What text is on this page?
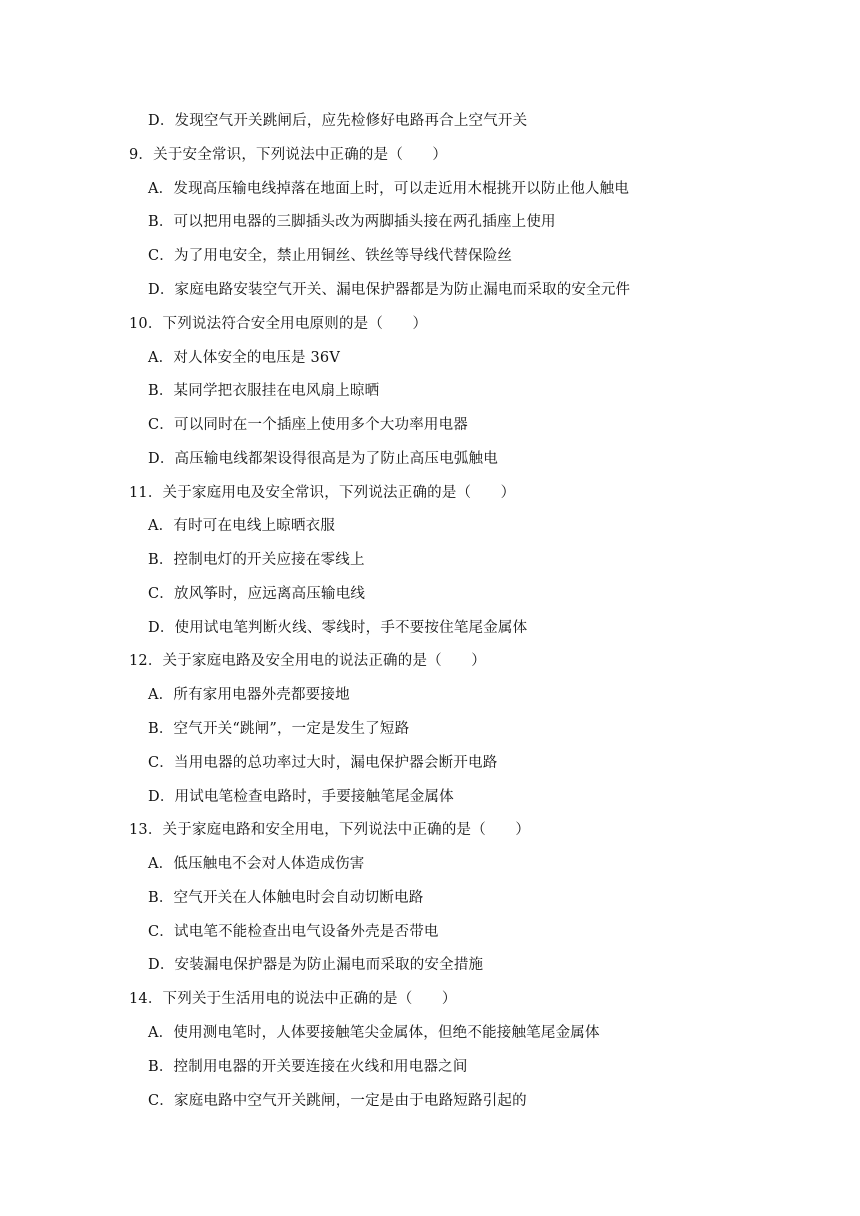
D．发现空气开关跳闸后，应先检修好电路再合上空气开关
9．关于安全常识，下列说法中正确的是（　　）
A．发现高压输电线掉落在地面上时，可以走近用木棍挑开以防止他人触电
B．可以把用电器的三脚插头改为两脚插头接在两孔插座上使用
C．为了用电安全，禁止用铜丝、铁丝等导线代替保险丝
D．家庭电路安装空气开关、漏电保护器都是为防止漏电而采取的安全元件
10．下列说法符合安全用电原则的是（　　）
A．对人体安全的电压是 36V
B．某同学把衣服挂在电风扇上晾晒
C．可以同时在一个插座上使用多个大功率用电器
D．高压输电线都架设得很高是为了防止高压电弧触电
11．关于家庭用电及安全常识，下列说法正确的是（　　）
A．有时可在电线上晾晒衣服
B．控制电灯的开关应接在零线上
C．放风筝时，应远离高压输电线
D．使用试电笔判断火线、零线时，手不要按住笔尾金属体
12．关于家庭电路及安全用电的说法正确的是（　　）
A．所有家用电器外壳都要接地
B．空气开关“跳闸”，一定是发生了短路
C．当用电器的总功率过大时，漏电保护器会断开电路
D．用试电笔检查电路时，手要接触笔尾金属体
13．关于家庭电路和安全用电，下列说法中正确的是（　　）
A．低压触电不会对人体造成伤害
B．空气开关在人体触电时会自动切断电路
C．试电笔不能检查出电气设备外壳是否带电
D．安装漏电保护器是为防止漏电而采取的安全措施
14．下列关于生活用电的说法中正确的是（　　）
A．使用测电笔时，人体要接触笔尖金属体，但绝不能接触笔尾金属体
B．控制用电器的开关要连接在火线和用电器之间
C．家庭电路中空气开关跳闸，一定是由于电路短路引起的
